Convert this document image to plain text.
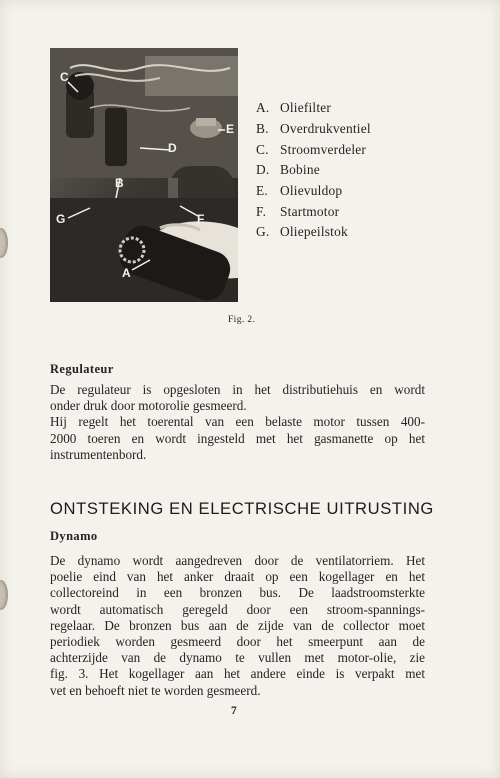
C
D
E
B
G	F
A
A. Oliefilter
B. Overdrukventiel
C. Stroomverdeler
D. Bobine
E. Olievuldop
F.	Startmotor
G. Oliepeilstok
Fig. 2.
Regulateur
De regulateur is opgesloten in het distributiehuis en wordt
onder druk door motorolie gesmeerd.
Hij regelt het toerental van een belaste motor tussen 400-
2000 toeren en wordt ingesteld met het gasmanette op het
instrumentenbord.
ONTSTEKING EN ELECTRISCHE UITRUSTING
Dynamo
De dynamo wordt aangedreven door de ventilatorriem. Het
poelie eind van het anker draait op een kogellager en het
collectoreind in een bronzen bus. De laadstroomsterkte
wordt automatisch geregeld door een stroom-spannings-
regelaar. De bronzen bus aan de zijde van de collector moet
periodiek worden gesmeerd door het smeerpunt aan de
achterzijde van de dynamo te vullen met motor-olie, zie
fig. 3. Het kogellager aan het andere einde is verpakt met
vet en behoeft niet te worden gesmeerd.
7
